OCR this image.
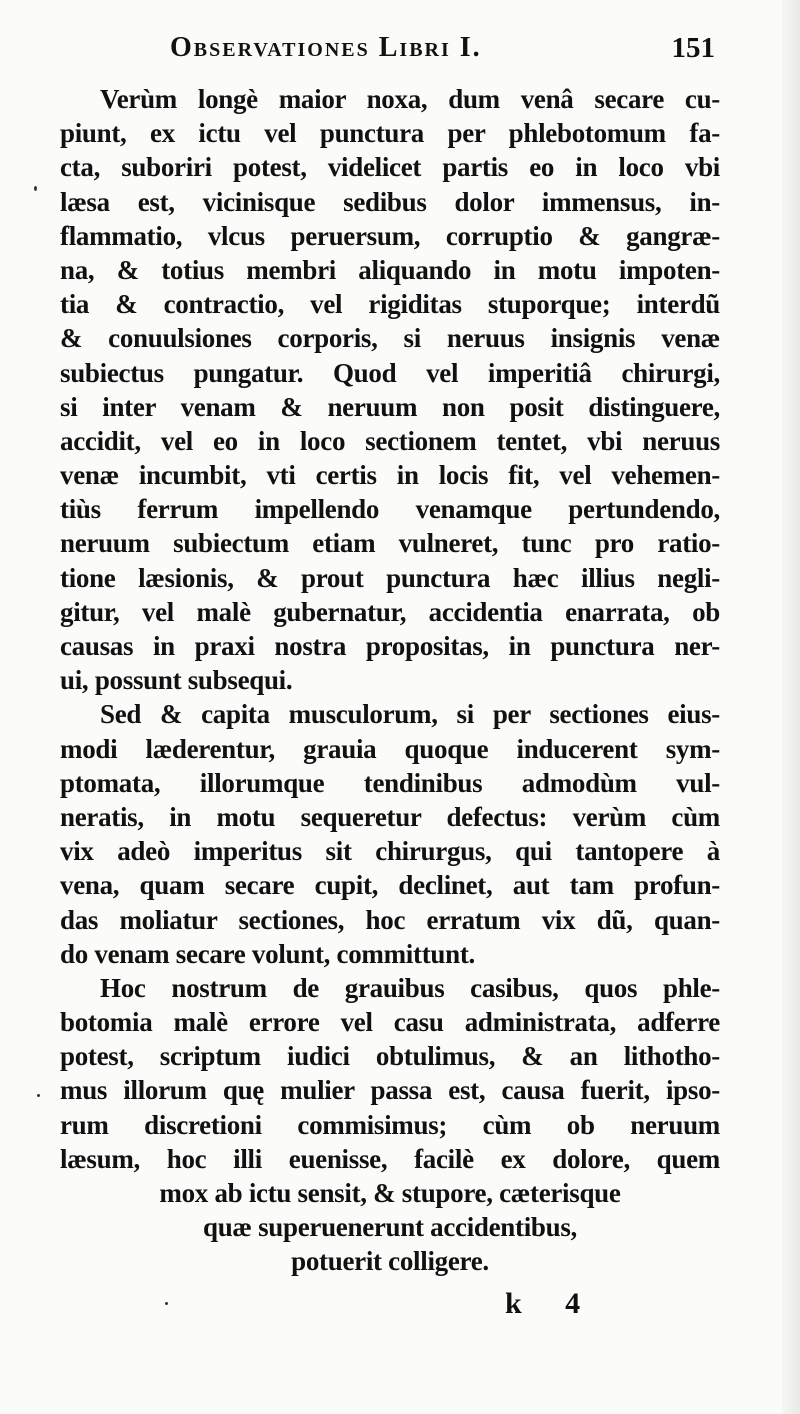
Observationes Libri I.	151
Verùm longè maior noxa, dum venâ secare cu-
piunt, ex ictu vel punctura per phlebotomum fa-
cta, suboriri potest, videlicet partis eo in loco vbi
læsa est, vicinisque sedibus dolor immensus, in-
flammatio, vlcus peruersum, corruptio & gangræ-
na, & totius membri aliquando in motu impoten-
tia & contractio, vel rigiditas stuporque; interdũ
& conuulsiones corporis, si neruus insignis venæ
subiectus pungatur. Quod vel imperitiâ chirurgi,
si inter venam & neruum non posit distinguere,
accidit, vel eo in loco sectionem tentet, vbi neruus
venæ incumbit, vti certis in locis fit, vel vehemen-
tiùs ferrum impellendo venamque pertundendo,
neruum subiectum etiam vulneret, tunc pro ratio-
tione læsionis, & prout punctura hæc illius negli-
gitur, vel malè gubernatur, accidentia enarrata, ob
causas in praxi nostra propositas, in punctura ner-
ui, possunt subsequi.
Sed & capita musculorum, si per sectiones eius-
modi læderentur, grauia quoque inducerent sym-
ptomata, illorumque tendinibus admodùm vul-
neratis, in motu sequeretur defectus: verùm cùm
vix adeò imperitus sit chirurgus, qui tantopere à
vena, quam secare cupit, declinet, aut tam profun-
das moliatur sectiones, hoc erratum vix dũ, quan-
do venam secare volunt, committunt.
Hoc nostrum de grauibus casibus, quos phle-
botomia malè errore vel casu administrata, adferre
potest, scriptum iudici obtulimus, & an lithotho-
mus illorum quę mulier passa est, causa fuerit, ipso-
rum discretioni commisimus; cùm ob neruum
læsum, hoc illi euenisse, facilè ex dolore, quem
mox ab ictu sensit, & stupore, cæterisque
quæ superuenerunt accidentibus,
potuerit colligere.
k 4
